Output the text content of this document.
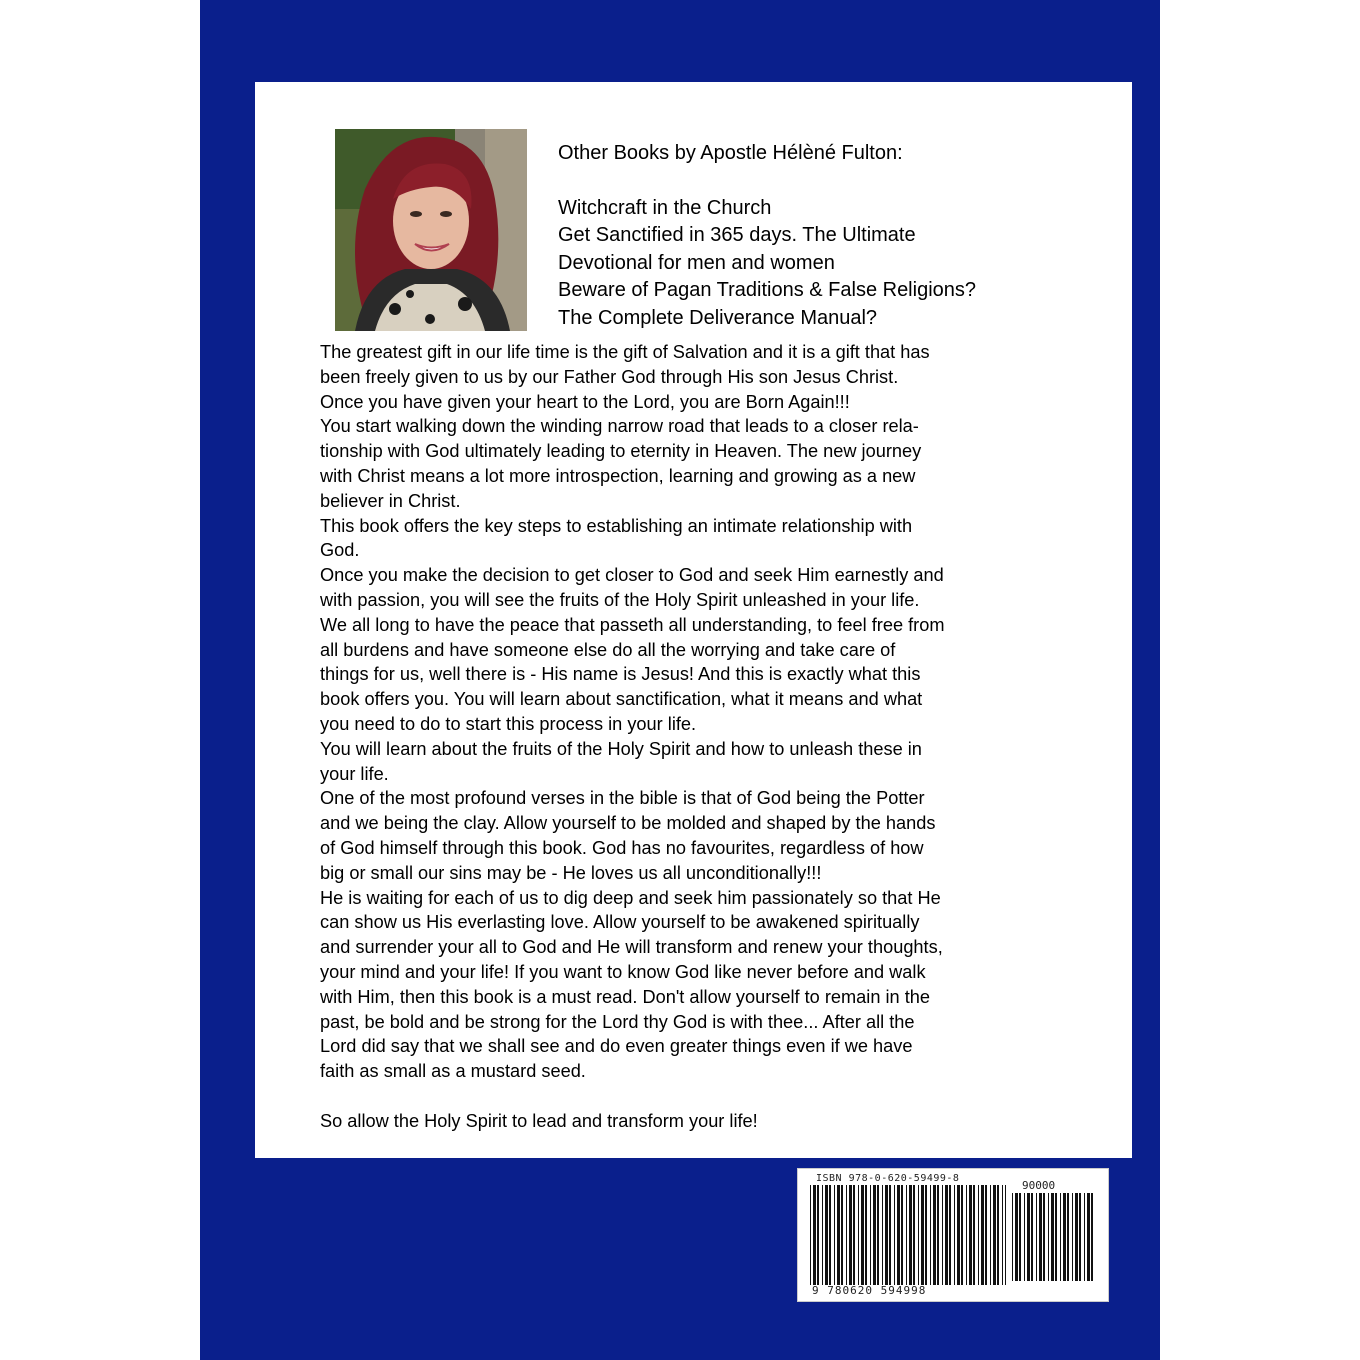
Other Books by Apostle Hélèné Fulton:
Witchcraft in the Church
Get Sanctified in 365 days. The Ultimate
Devotional for men and women
Beware of Pagan Traditions & False Religions?
The Complete Deliverance Manual?

The greatest gift in our life time is the gift of Salvation and it is a gift that has

been freely given to us by our Father God through His son Jesus Christ.

Once you have given your heart to the Lord, you are Born Again!!!

You start walking down the winding narrow road that leads to a closer rela-

tionship with God ultimately leading to eternity in Heaven. The new journey

with Christ means a lot more introspection, learning and growing as a new

believer in Christ.

This book offers the key steps to establishing an intimate relationship with

God.

Once you make the decision to get closer to God and seek Him earnestly and

with passion, you will see the fruits of the Holy Spirit unleashed in your life.

We all long to have the peace that passeth all understanding, to feel free from

all burdens and have someone else do all the worrying and take care of

things for us, well there is - His name is Jesus! And this is exactly what this

book offers you. You will learn about sanctification, what it means and what

you need to do to start this process in your life.

You will learn about the fruits of the Holy Spirit and how to unleash these in

your life.

One of the most profound verses in the bible is that of God being the Potter

and we being the clay. Allow yourself to be molded and shaped by the hands

of God himself through this book. God has no favourites, regardless of how

big or small our sins may be - He loves us all unconditionally!!!

He is waiting for each of us to dig deep and seek him passionately so that He

can show us His everlasting love. Allow yourself to be awakened spiritually

and surrender your all to God and He will transform and renew your thoughts,

your mind and your life! If you want to know God like never before and walk

with Him, then this book is a must read. Don't allow yourself to remain in the

past, be bold and be strong for the Lord thy God is with thee... After all the

Lord did say that we shall see and do even greater things even if we have

faith as small as a mustard seed.

So allow the Holy Spirit to lead and transform your life!

ISBN 978-0-620-59499-8
90000
9 780620 594998
